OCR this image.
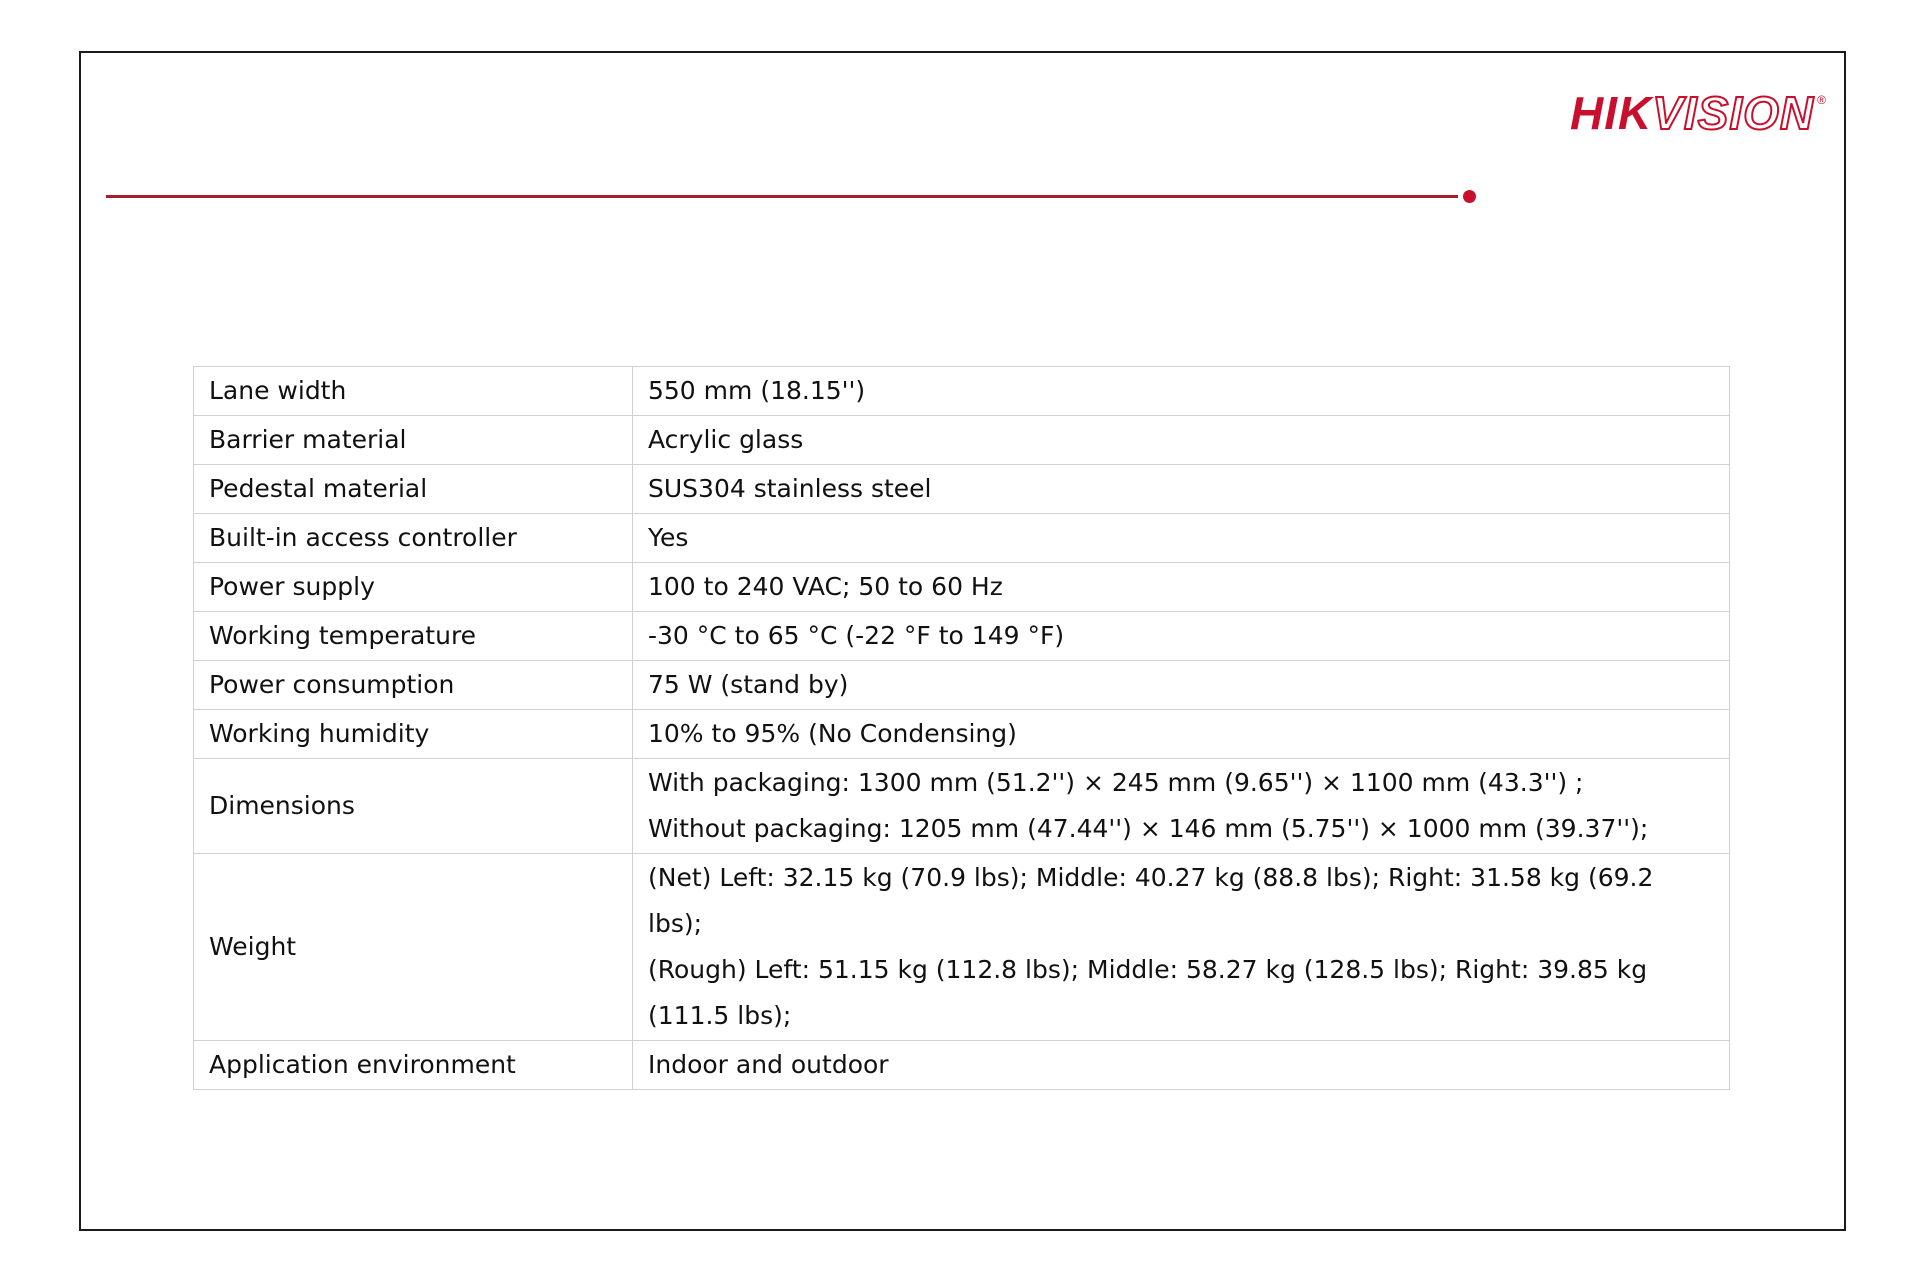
HIKVISION ®
Lane width	550 mm (18.15'')

Barrier material	Acrylic glass

Pedestal material	SUS304 stainless steel

Built-in access controller	Yes

Power supply	100 to 240 VAC; 50 to 60 Hz

Working temperature	-30 °C to 65 °C (-22 °F to 149 °F)

Power consumption	75 W (stand by)

Working humidity	10% to 95% (No Condensing)

Dimensions	With packaging: 1300 mm (51.2'') × 245 mm (9.65'') × 1100 mm (43.3'') ;
Without packaging: 1205 mm (47.44'') × 146 mm (5.75'') × 1000 mm (39.37'');

Weight	(Net) Left: 32.15 kg (70.9 lbs); Middle: 40.27 kg (88.8 lbs); Right: 31.58 kg (69.2 lbs);
(Rough) Left: 51.15 kg (112.8 lbs); Middle: 58.27 kg (128.5 lbs); Right: 39.85 kg (111.5 lbs);

Application environment	Indoor and outdoor
